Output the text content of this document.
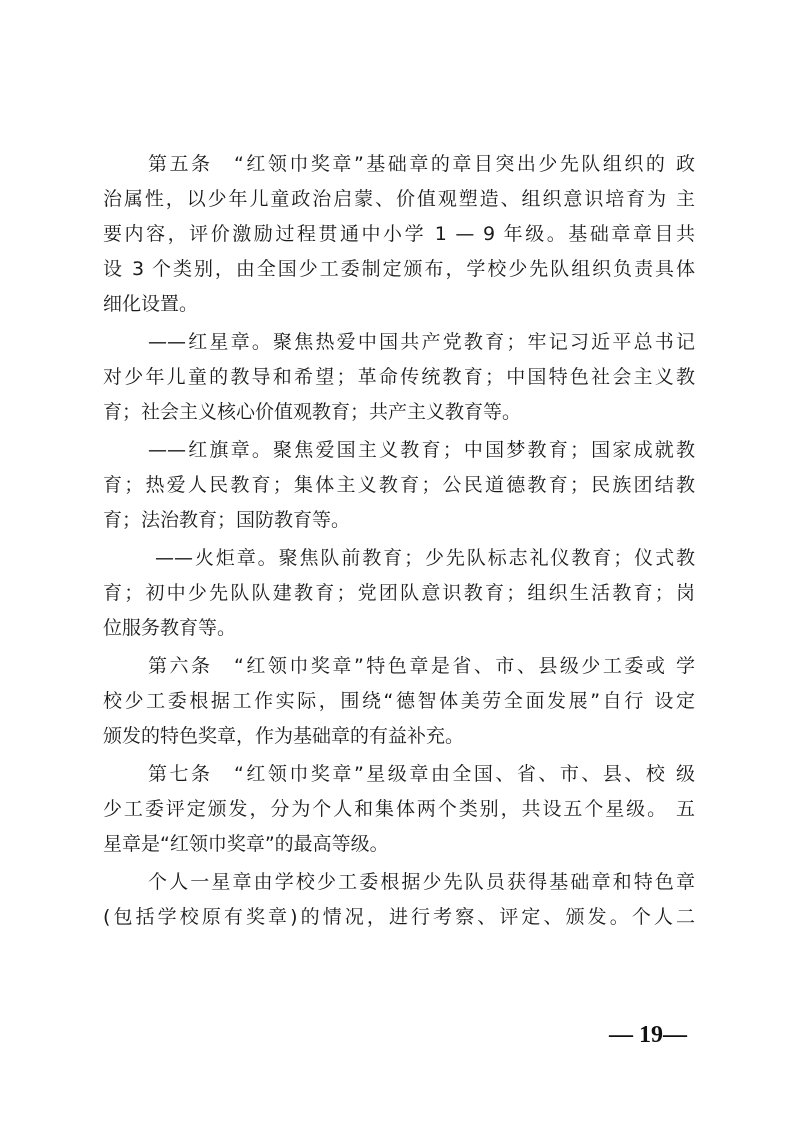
第五条　“红领巾奖章”基础章的章目突出少先队组织的 政
治属性，以少年儿童政治启蒙、价值观塑造、组织意识培育为 主
要内容，评价激励过程贯通中小学 1 — 9 年级。基础章章目共
设 3 个类别，由全国少工委制定颁布，学校少先队组织负责具体
细化设置。
——红星章。聚焦热爱中国共产党教育；牢记习近平总书记
对少年儿童的教导和希望；革命传统教育；中国特色社会主义教
育；社会主义核心价值观教育；共产主义教育等。
——红旗章。聚焦爱国主义教育；中国梦教育；国家成就教
育；热爱人民教育；集体主义教育；公民道德教育；民族团结教
育；法治教育；国防教育等。
——火炬章。聚焦队前教育；少先队标志礼仪教育；仪式教
育；初中少先队队建教育；党团队意识教育；组织生活教育；岗
位服务教育等。
第六条　“红领巾奖章”特色章是省、市、县级少工委或 学
校少工委根据工作实际，围绕“德智体美劳全面发展”自行 设定
颁发的特色奖章，作为基础章的有益补充。
第七条　“红领巾奖章”星级章由全国、省、市、县、校 级
少工委评定颁发，分为个人和集体两个类别，共设五个星级。 五
星章是“红领巾奖章”的最高等级。
个人一星章由学校少工委根据少先队员获得基础章和特色章
(包括学校原有奖章)的情况，进行考察、评定、颁发。个人二
— 19—
